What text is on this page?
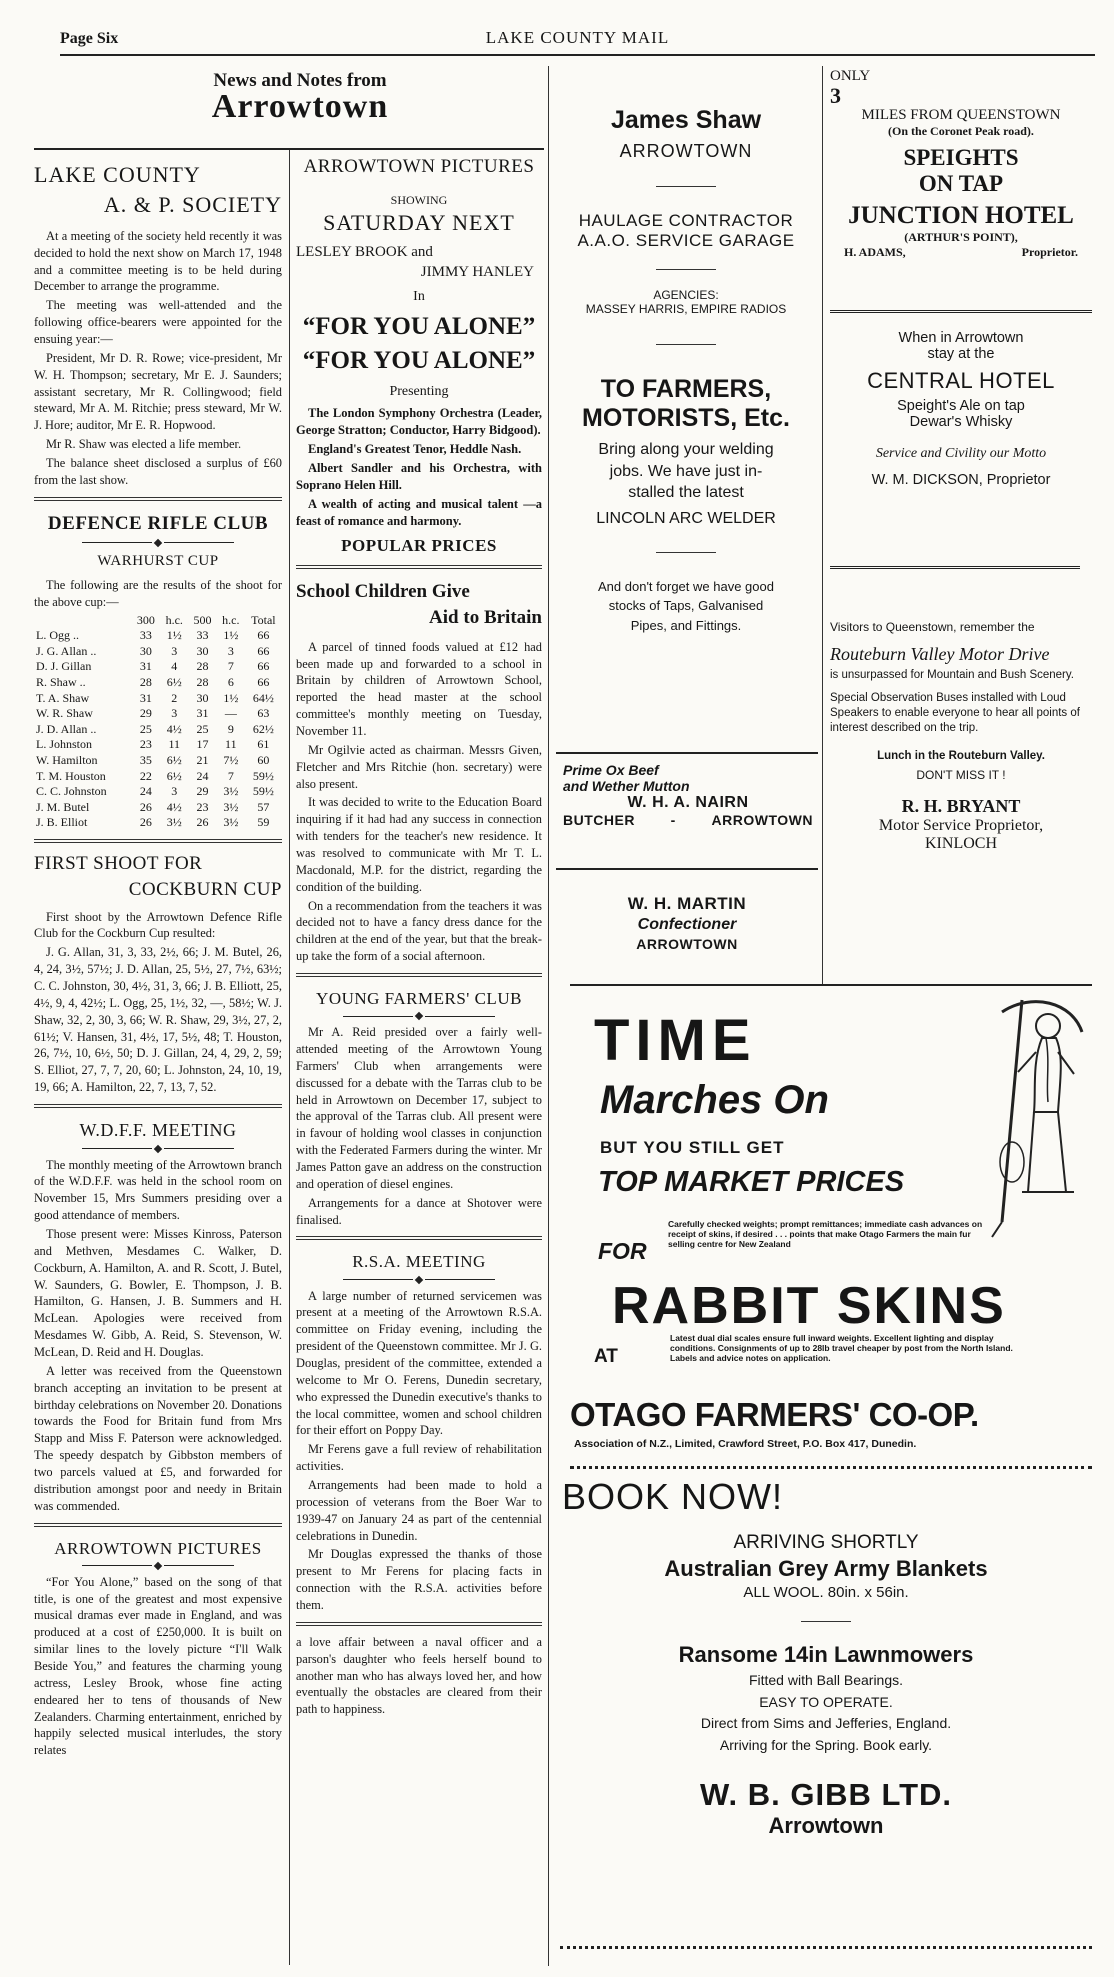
Page Six	LAKE COUNTY MAIL
News and Notes from
Arrowtown
LAKE COUNTY
A. & P. SOCIETY

At a meeting of the society held recently it was decided to hold the next show on March 17, 1948 and a committee meeting is to be held during December to arrange the programme.

The meeting was well-attended and the following office-bearers were appointed for the ensuing year:—

President, Mr D. R. Rowe; vice-president, Mr W. H. Thompson; secretary, Mr E. J. Saunders; assistant secretary, Mr R. Collingwood; field steward, Mr A. M. Ritchie; press steward, Mr W. J. Hore; auditor, Mr E. R. Hopwood.

Mr R. Shaw was elected a life member.

The balance sheet disclosed a surplus of £60 from the last show.

DEFENCE RIFLE CLUB
WARHURST CUP

The following are the results of the shoot for the above cup:—

	300	h.c.	500	h.c.	Total
L. Ogg ..	33	1½	33	1½	66
J. G. Allan ..	30	3	30	3	66
D. J. Gillan	31	4	28	7	66
R. Shaw ..	28	6½	28	6	66
T. A. Shaw	31	2	30	1½	64½
W. R. Shaw	29	3	31	—	63
J. D. Allan ..	25	4½	25	9	62½
L. Johnston	23	11	17	11	61
W. Hamilton	35	6½	21	7½	60
T. M. Houston	22	6½	24	7	59½
C. C. Johnston	24	3	29	3½	59½
J. M. Butel	26	4½	23	3½	57
J. B. Elliot	26	3½	26	3½	59
FIRST SHOOT FOR
COCKBURN CUP

First shoot by the Arrowtown Defence Rifle Club for the Cockburn Cup resulted:

J. G. Allan, 31, 3, 33, 2½, 66; J. M. Butel, 26, 4, 24, 3½, 57½; J. D. Allan, 25, 5½, 27, 7½, 63½; C. C. Johnston, 30, 4½, 31, 3, 66; J. B. Elliott, 25, 4½, 9, 4, 42½; L. Ogg, 25, 1½, 32, —, 58½; W. J. Shaw, 32, 2, 30, 3, 66; W. R. Shaw, 29, 3½, 27, 2, 61½; V. Hansen, 31, 4½, 17, 5½, 48; T. Houston, 26, 7½, 10, 6½, 50; D. J. Gillan, 24, 4, 29, 2, 59; S. Elliot, 27, 7, 7, 20, 60; L. Johnston, 24, 10, 19, 19, 66; A. Hamilton, 22, 7, 13, 7, 52.

W.D.F.F. MEETING

The monthly meeting of the Arrowtown branch of the W.D.F.F. was held in the school room on November 15, Mrs Summers presiding over a good attendance of members.

Those present were: Misses Kinross, Paterson and Methven, Mesdames C. Walker, D. Cockburn, A. Hamilton, A. and R. Scott, J. Butel, W. Saunders, G. Bowler, E. Thompson, J. B. Hamilton, G. Hansen, J. B. Summers and H. McLean. Apologies were received from Mesdames W. Gibb, A. Reid, S. Stevenson, W. McLean, D. Reid and H. Douglas.

A letter was received from the Queenstown branch accepting an invitation to be present at birthday celebrations on November 20. Donations towards the Food for Britain fund from Mrs Stapp and Miss F. Paterson were acknowledged. The speedy despatch by Gibbston members of two parcels valued at £5, and forwarded for distribution amongst poor and needy in Britain was commended.

ARROWTOWN PICTURES

“For You Alone,” based on the song of that title, is one of the greatest and most expensive musical dramas ever made in England, and was produced at a cost of £250,000. It is built on similar lines to the lovely picture “I'll Walk Beside You,” and features the charming young actress, Lesley Brook, whose fine acting endeared her to tens of thousands of New Zealanders. Charming entertainment, enriched by happily selected musical interludes, the story relates

ARROWTOWN PICTURES
SHOWING
SATURDAY NEXT
LESLEY BROOK and
JIMMY HANLEY
In
“FOR YOU ALONE”
“FOR YOU ALONE”
Presenting

The London Symphony Orchestra (Leader, George Stratton; Conductor, Harry Bidgood).

England's Greatest Tenor, Heddle Nash.

Albert Sandler and his Orchestra, with Soprano Helen Hill.

A wealth of acting and musical talent —a feast of romance and harmony.

POPULAR PRICES
School Children Give
Aid to Britain

A parcel of tinned foods valued at £12 had been made up and forwarded to a school in Britain by children of Arrowtown School, reported the head master at the school committee's monthly meeting on Tuesday, November 11.

Mr Ogilvie acted as chairman. Messrs Given, Fletcher and Mrs Ritchie (hon. secretary) were also present.

It was decided to write to the Education Board inquiring if it had had any success in connection with tenders for the teacher's new residence. It was resolved to communicate with Mr T. L. Macdonald, M.P. for the district, regarding the condition of the building.

On a recommendation from the teachers it was decided not to have a fancy dress dance for the children at the end of the year, but that the break-up take the form of a social afternoon.

YOUNG FARMERS' CLUB

Mr A. Reid presided over a fairly well-attended meeting of the Arrowtown Young Farmers' Club when arrangements were discussed for a debate with the Tarras club to be held in Arrowtown on December 17, subject to the approval of the Tarras club. All present were in favour of holding wool classes in conjunction with the Federated Farmers during the winter. Mr James Patton gave an address on the construction and operation of diesel engines.

Arrangements for a dance at Shotover were finalised.

R.S.A. MEETING

A large number of returned servicemen was present at a meeting of the Arrowtown R.S.A. committee on Friday evening, including the president of the Queenstown committee. Mr J. G. Douglas, president of the committee, extended a welcome to Mr O. Ferens, Dunedin secretary, who expressed the Dunedin executive's thanks to the local committee, women and school children for their effort on Poppy Day.

Mr Ferens gave a full review of rehabilitation activities.

Arrangements had been made to hold a procession of veterans from the Boer War to 1939-47 on January 24 as part of the centennial celebrations in Dunedin.

Mr Douglas expressed the thanks of those present to Mr Ferens for placing facts in connection with the R.S.A. activities before them.

a love affair between a naval officer and a parson's daughter who feels herself bound to another man who has always loved her, and how eventually the obstacles are cleared from their path to happiness.

James Shaw
ARROWTOWN
HAULAGE CONTRACTOR
A.A.O. SERVICE GARAGE
AGENCIES:
MASSEY HARRIS, EMPIRE RADIOS
TO FARMERS,
MOTORISTS, Etc.
Bring along your welding
jobs. We have just in-
stalled the latest
LINCOLN ARC WELDER
And don't forget we have good
stocks of Taps, Galvanised
Pipes, and Fittings.
Prime Ox Beef
and Wether Mutton
W. H. A. NAIRN
BUTCHER	-	ARROWTOWN
W. H. MARTIN
Confectioner
ARROWTOWN
ONLY
3
MILES FROM QUEENSTOWN
(On the Coronet Peak road).
SPEIGHTS
ON TAP
JUNCTION HOTEL
(ARTHUR'S POINT),
H. ADAMS,	Proprietor.
When in Arrowtown
stay at the
CENTRAL HOTEL
Speight's Ale on tap
Dewar's Whisky
Service and Civility our Motto
W. M. DICKSON, Proprietor
Visitors to Queenstown, remember the
Routeburn Valley Motor Drive
is unsurpassed for Mountain and Bush Scenery.
Special Observation Buses installed with Loud Speakers to enable everyone to hear all points of interest described on the trip.
Lunch in the Routeburn Valley.
DON'T MISS IT !
R. H. BRYANT
Motor Service Proprietor,
KINLOCH
TIME
Marches On
BUT YOU STILL GET
TOP MARKET PRICES
FOR
Carefully checked weights; prompt remittances; immediate cash advances on receipt of skins, if desired . . . points that make Otago Farmers the main fur selling centre for New Zealand
RABBIT SKINS
AT
Latest dual dial scales ensure full inward weights. Excellent lighting and display conditions. Consignments of up to 28lb travel cheaper by post from the North Island. Labels and advice notes on application.
OTAGO FARMERS' CO-OP.
Association of N.Z., Limited, Crawford Street, P.O. Box 417, Dunedin.
BOOK NOW!
ARRIVING SHORTLY
Australian Grey Army Blankets
ALL WOOL. 80in. x 56in.
Ransome 14in Lawnmowers
Fitted with Ball Bearings.
EASY TO OPERATE.
Direct from Sims and Jefferies, England.
Arriving for the Spring. Book early.
W. B. GIBB LTD.
Arrowtown
